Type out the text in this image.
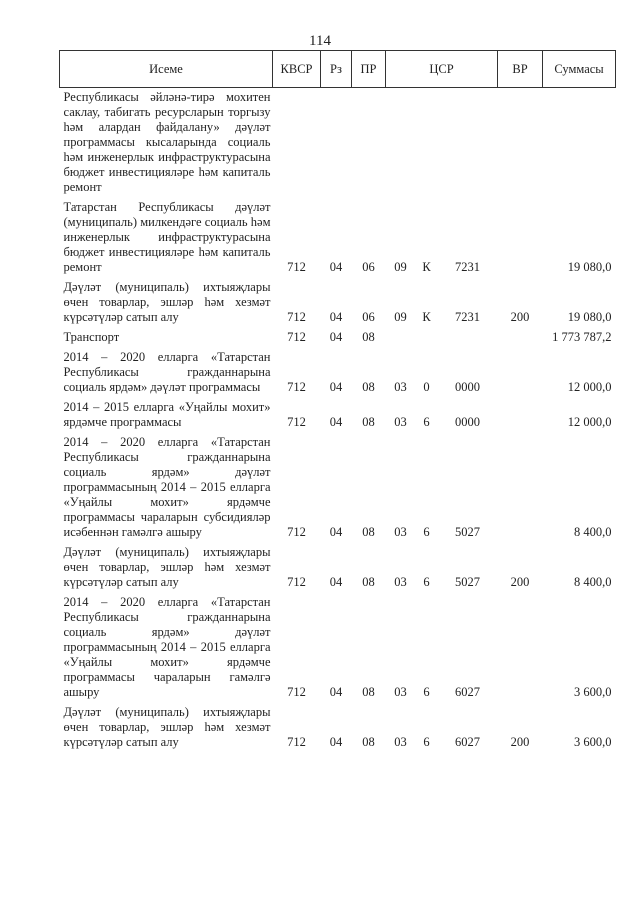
114
Исеме	КВСР	Рз	ПР	ЦСР			ВР	Суммасы
Республикасы әйләнә-тирә мохитен саклау, табигать ресурсларын торгызу һәм алардан файдалану» дәүләт программасы кысаларында социаль һәм инженерлык инфраструктурасына бюджет инвестицияләре һәм капиталь ремонт								
Татарстан Республикасы дәүләт (муниципаль) милкендәге социаль һәм инженерлык инфраструктурасына бюджет инвестицияләре һәм капиталь ремонт	712	04	06	09	К	7231		19 080,0
Дәүләт (муниципаль) ихтыяҗлары өчен товарлар, эшләр һәм хезмәт күрсәтүләр сатып алу	712	04	06	09	К	7231	200	19 080,0
Транспорт	712	04	08					1 773 787,2
2014 – 2020 елларга «Татарстан Республикасы гражданнарына социаль ярдәм» дәүләт программасы	712	04	08	03	0	0000		12 000,0
2014 – 2015 елларга «Уңайлы мохит» ярдәмче программасы	712	04	08	03	6	0000		12 000,0
2014 – 2020 елларга «Татарстан Республикасы гражданнарына социаль ярдәм» дәүләт программасының 2014 – 2015 елларга «Уңайлы мохит» ярдәмче программасы чараларын субсидияләр исәбеннән гамәлгә ашыру	712	04	08	03	6	5027		8 400,0
Дәүләт (муниципаль) ихтыяҗлары өчен товарлар, эшләр һәм хезмәт күрсәтүләр сатып алу	712	04	08	03	6	5027	200	8 400,0
2014 – 2020 елларга «Татарстан Республикасы гражданнарына социаль ярдәм» дәүләт программасының 2014 – 2015 елларга «Уңайлы мохит» ярдәмче программасы чараларын гамәлгә ашыру	712	04	08	03	6	6027		3 600,0
Дәүләт (муниципаль) ихтыяҗлары өчен товарлар, эшләр һәм хезмәт күрсәтүләр сатып алу	712	04	08	03	6	6027	200	3 600,0
